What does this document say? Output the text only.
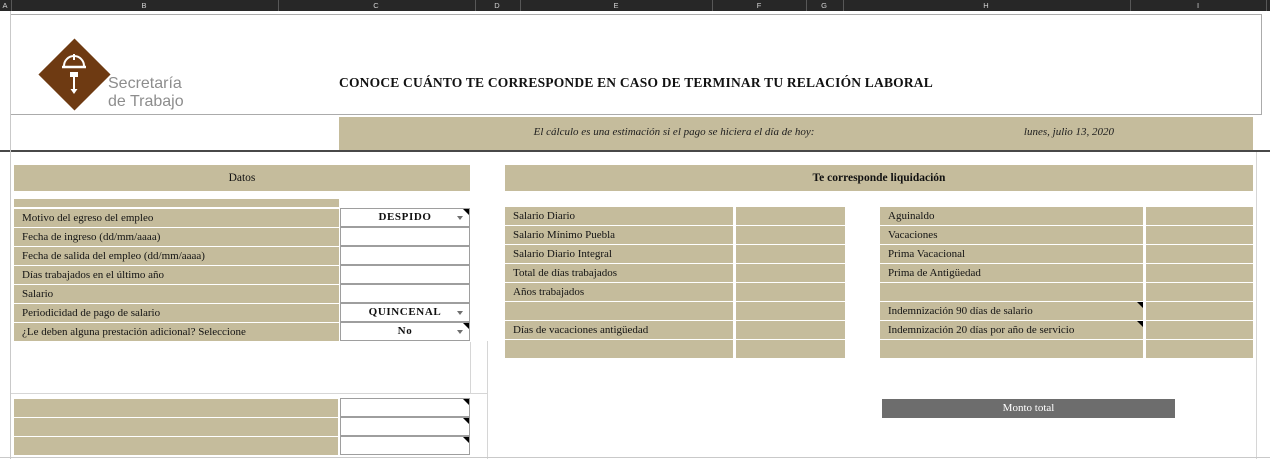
A	B	C	D	E	F	G	H	I
Secretaría
de Trabajo
CONOCE CUÁNTO TE CORRESPONDE EN CASO DE TERMINAR TU RELACIÓN LABORAL
El cálculo es una estimación si el pago se hiciera el día de hoy:	lunes, julio 13, 2020
Datos
Motivo del egreso del empleo	DESPIDO
Fecha de ingreso (dd/mm/aaaa)
Fecha de salida del empleo (dd/mm/aaaa)
Días trabajados en el último año
Salario
Periodicidad de pago de salario	QUINCENAL
¿Le deben alguna prestación adicional? Seleccione	No
Te corresponde liquidación
Salario Diario
Salario Mínimo Puebla
Salario Diario Integral
Total de días trabajados
Años trabajados
Días de vacaciones antigüedad
Aguinaldo
Vacaciones
Prima Vacacional
Prima de Antigüedad
Indemnización 90 días de salario
Indemnización 20 días por año de servicio
Monto total
